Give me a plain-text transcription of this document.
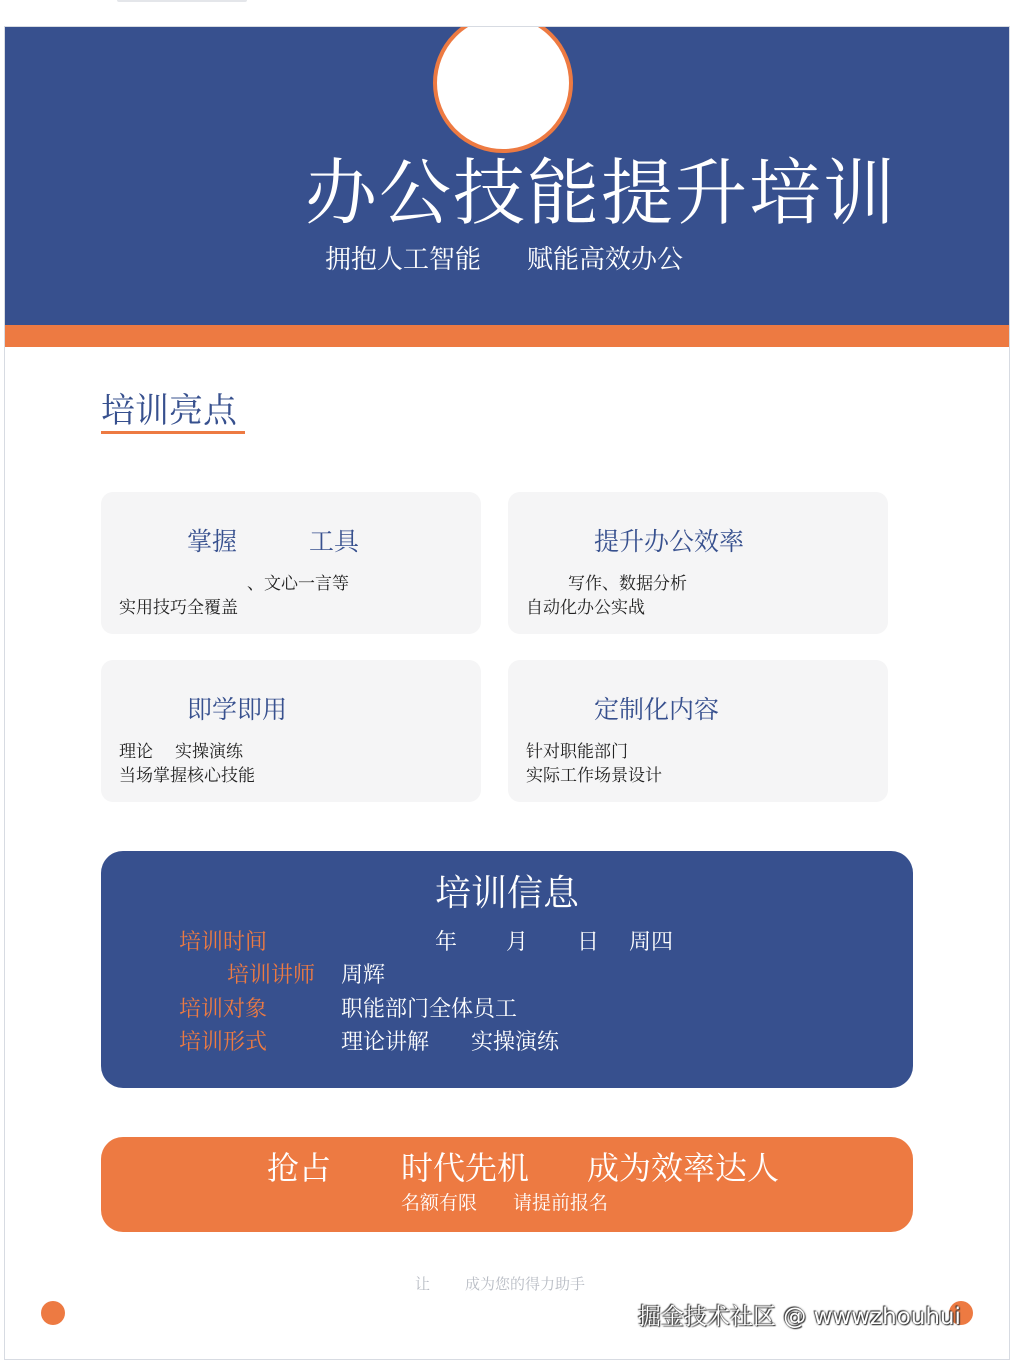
办公技能提升培训
拥抱人工智能 赋能高效办公
培训亮点
掌握	工具
、文心一言等
实用技巧全覆盖
提升办公效率
写作、数据分析
自动化办公实战
即学即用
理论 实操演练
当场掌握核心技能
定制化内容
针对职能部门
实际工作场景设计
培训信息
培训时间	年 月 日 周四
培训讲师 周辉
培训对象	职能部门全体员工
培训形式	理论讲解 实操演练
抢占 时代先机 成为效率达人
名额有限 请提前报名
让 成为您的得力助手
掘金技术社区 @ wwwzhouhui
